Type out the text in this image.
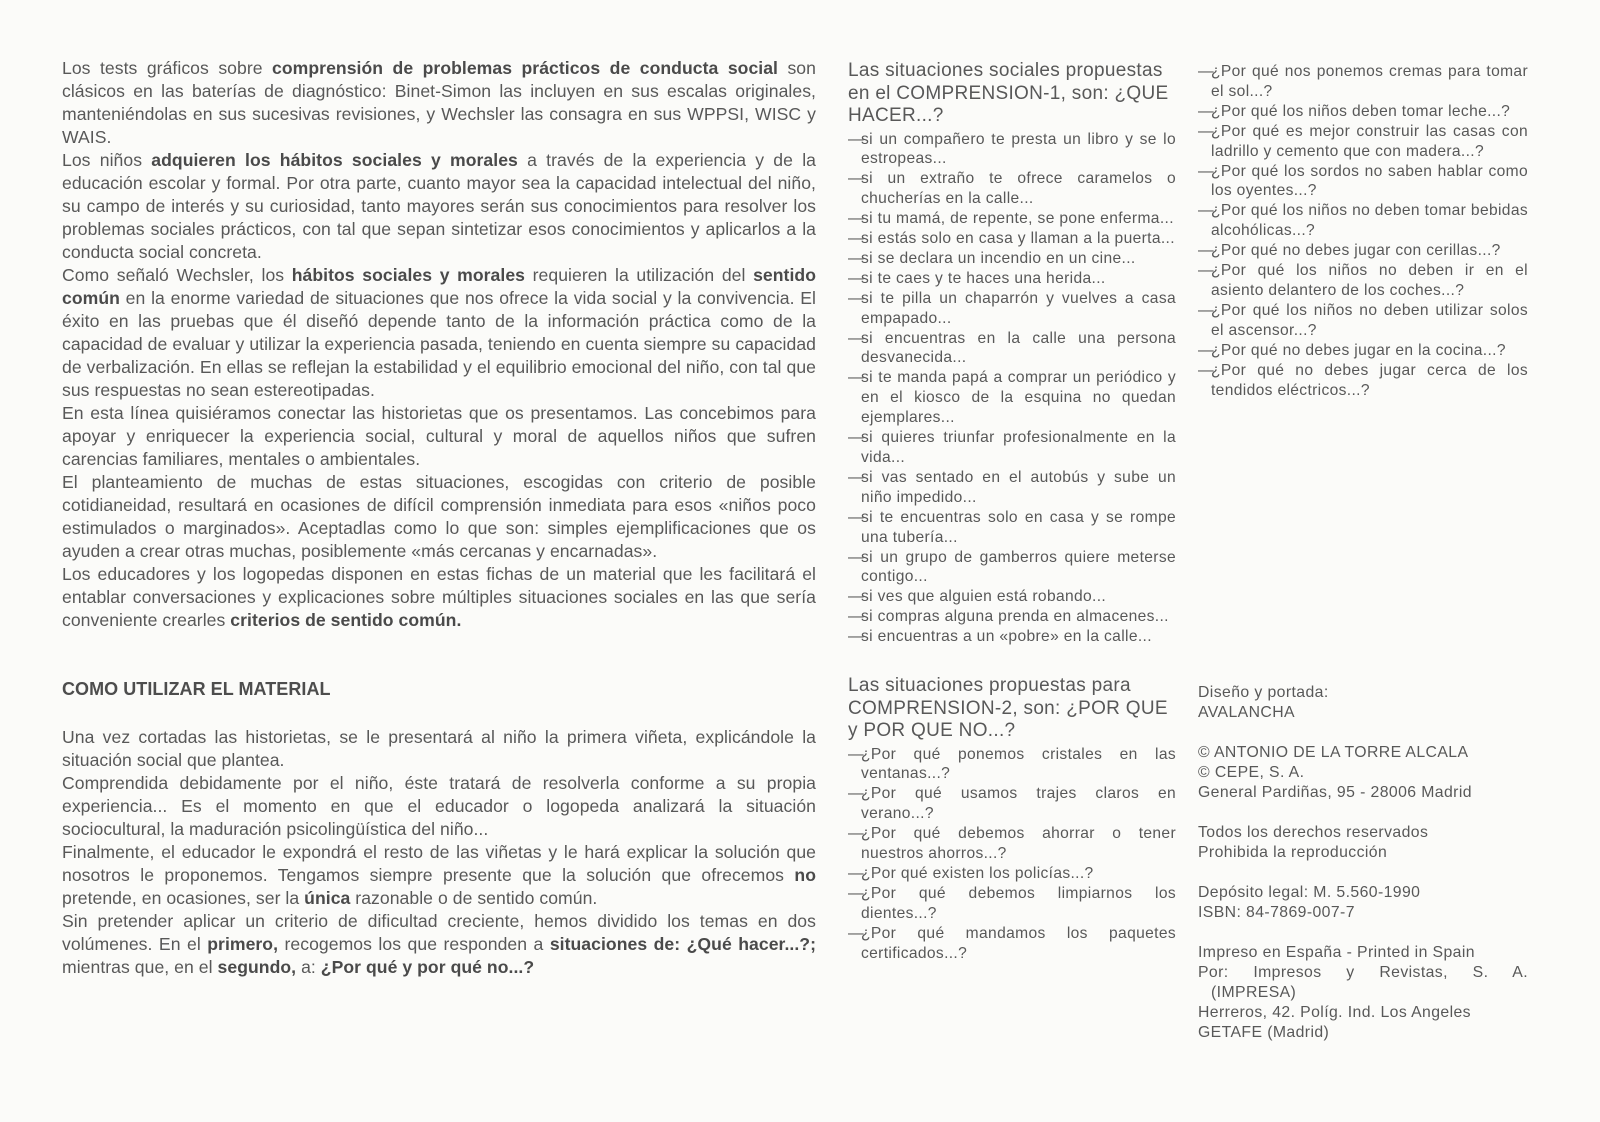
Los tests gráficos sobre comprensión de problemas prácticos de conducta social son clásicos en las baterías de diagnóstico: Binet-Simon las incluyen en sus escalas originales, manteniéndolas en sus sucesivas revisiones, y Wechsler las consagra en sus WPPSI, WISC y WAIS.

Los niños adquieren los hábitos sociales y morales a través de la experiencia y de la educación escolar y formal. Por otra parte, cuanto mayor sea la capacidad intelectual del niño, su campo de interés y su curiosidad, tanto mayores serán sus conocimientos para resolver los problemas sociales prácticos, con tal que sepan sintetizar esos conocimientos y aplicarlos a la conducta social concreta.

Como señaló Wechsler, los hábitos sociales y morales requieren la utilización del sentido común en la enorme variedad de situaciones que nos ofrece la vida social y la convivencia. El éxito en las pruebas que él diseñó depende tanto de la información práctica como de la capacidad de evaluar y utilizar la experiencia pasada, teniendo en cuenta siempre su capacidad de verbalización. En ellas se reflejan la estabilidad y el equilibrio emocional del niño, con tal que sus respuestas no sean estereotipadas.

En esta línea quisiéramos conectar las historietas que os presentamos. Las concebimos para apoyar y enriquecer la experiencia social, cultural y moral de aquellos niños que sufren carencias familiares, mentales o ambientales.

El planteamiento de muchas de estas situaciones, escogidas con criterio de posible cotidianeidad, resultará en ocasiones de difícil comprensión inmediata para esos «niños poco estimulados o marginados». Aceptadlas como lo que son: simples ejemplificaciones que os ayuden a crear otras muchas, posiblemente «más cercanas y encarnadas».

Los educadores y los logopedas disponen en estas fichas de un material que les facilitará el entablar conversaciones y explicaciones sobre múltiples situaciones sociales en las que sería conveniente crearles criterios de sentido común.

COMO UTILIZAR EL MATERIAL

Una vez cortadas las historietas, se le presentará al niño la primera viñeta, explicándole la situación social que plantea.

Comprendida debidamente por el niño, éste tratará de resolverla conforme a su propia experiencia... Es el momento en que el educador o logopeda analizará la situación sociocultural, la maduración psicolingüística del niño...

Finalmente, el educador le expondrá el resto de las viñetas y le hará explicar la solución que nosotros le proponemos. Tengamos siempre presente que la solución que ofrecemos no pretende, en ocasiones, ser la única razonable o de sentido común.

Sin pretender aplicar un criterio de dificultad creciente, hemos dividido los temas en dos volúmenes. En el primero, recogemos los que responden a situaciones de: ¿Qué hacer...?; mientras que, en el segundo, a: ¿Por qué y por qué no...?

Las situaciones sociales propuestas en el COMPRENSION-1, son: ¿QUE HACER...?

— si un compañero te presta un libro y se lo estropeas...
— si un extraño te ofrece caramelos o chucherías en la calle...
— si tu mamá, de repente, se pone enferma...
— si estás solo en casa y llaman a la puerta...
— si se declara un incendio en un cine...
— si te caes y te haces una herida...
— si te pilla un chaparrón y vuelves a casa empapado...
— si encuentras en la calle una persona desvanecida...
— si te manda papá a comprar un periódico y en el kiosco de la esquina no quedan ejemplares...
— si quieres triunfar profesionalmente en la vida...
— si vas sentado en el autobús y sube un niño impedido...
— si te encuentras solo en casa y se rompe una tubería...
— si un grupo de gamberros quiere meterse contigo...
— si ves que alguien está robando...
— si compras alguna prenda en almacenes...
— si encuentras a un «pobre» en la calle...

Las situaciones propuestas para COMPRENSION-2, son: ¿POR QUE y POR QUE NO...?

— ¿Por qué ponemos cristales en las ventanas...?
— ¿Por qué usamos trajes claros en verano...?
— ¿Por qué debemos ahorrar o tener nuestros ahorros...?
— ¿Por qué existen los policías...?
— ¿Por qué debemos limpiarnos los dientes...?
— ¿Por qué mandamos los paquetes certificados...?
— ¿Por qué nos ponemos cremas para tomar el sol...?
— ¿Por qué los niños deben tomar leche...?
— ¿Por qué es mejor construir las casas con ladrillo y cemento que con madera...?
— ¿Por qué los sordos no saben hablar como los oyentes...?
— ¿Por qué los niños no deben tomar bebidas alcohólicas...?
— ¿Por qué no debes jugar con cerillas...?
— ¿Por qué los niños no deben ir en el asiento delantero de los coches...?
— ¿Por qué los niños no deben utilizar solos el ascensor...?
— ¿Por qué no debes jugar en la cocina...?
— ¿Por qué no debes jugar cerca de los tendidos eléctricos...?
Diseño y portada:
AVALANCHA
© ANTONIO DE LA TORRE ALCALA
© CEPE, S. A.
General Pardiñas, 95 - 28006 Madrid
Todos los derechos reservados
Prohibida la reproducción
Depósito legal: M. 5.560-1990
ISBN: 84-7869-007-7
Impreso en España - Printed in Spain
Por: Impresos y Revistas, S. A.
(IMPRESA)
Herreros, 42. Políg. Ind. Los Angeles
GETAFE (Madrid)
